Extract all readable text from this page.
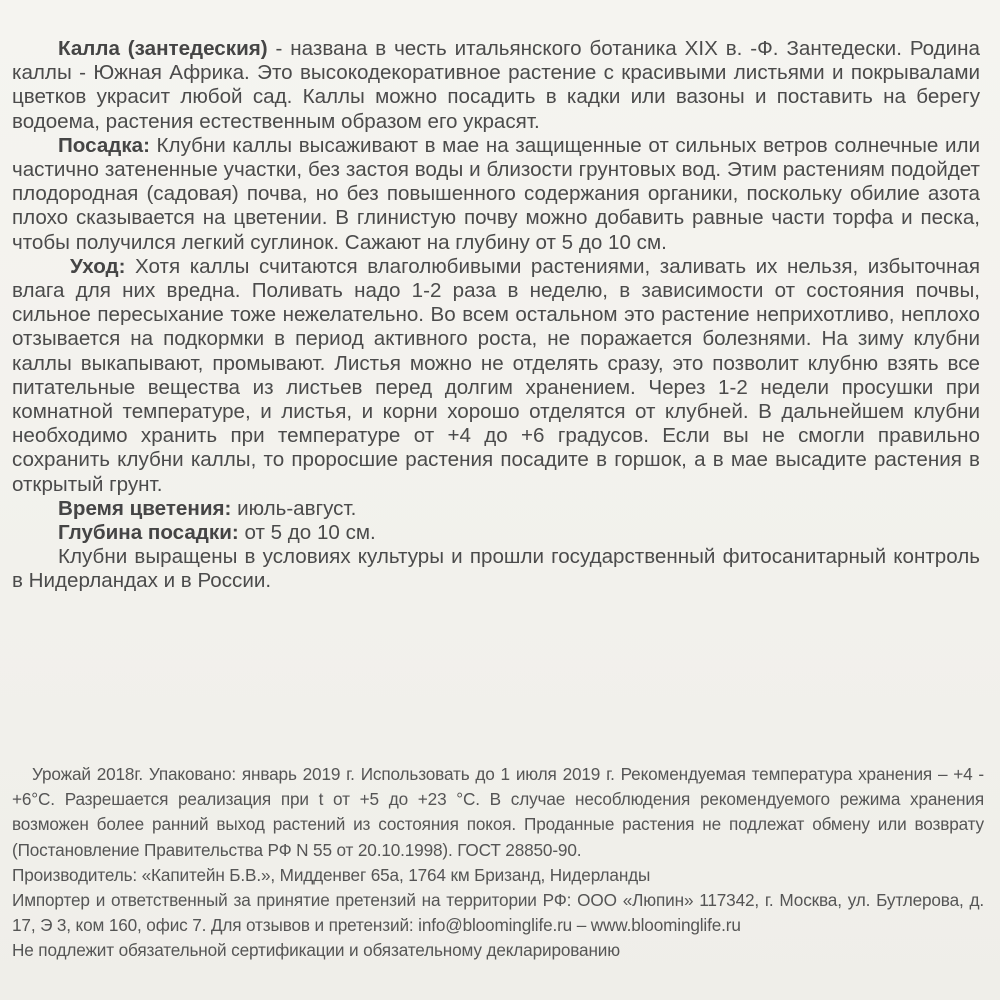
Калла (зантедеския) - названа в честь итальянского ботаника XIX в. -Ф. Зантедески. Родина каллы - Южная Африка. Это высокодекоративное растение с красивыми листьями и покрывалами цветков украсит любой сад. Каллы можно посадить в кадки или вазоны и поставить на берегу водоема, растения естественным образом его украсят.

Посадка: Клубни каллы высаживают в мае на защищенные от сильных ветров солнечные или частично затененные участки, без застоя воды и близости грунтовых вод. Этим растениям подойдет плодородная (садовая) почва, но без повышенного содержания органики, поскольку обилие азота плохо сказывается на цветении. В глинистую почву можно добавить равные части торфа и песка, чтобы получился легкий суглинок. Сажают на глубину от 5 до 10 см.

Уход: Хотя каллы считаются влаголюбивыми растениями, заливать их нельзя, избыточная влага для них вредна. Поливать надо 1-2 раза в неделю, в зависимости от состояния почвы, сильное пересыхание тоже нежелательно. Во всем остальном это растение неприхотливо, неплохо отзывается на подкормки в период активного роста, не поражается болезнями. На зиму клубни каллы выкапывают, промывают. Листья можно не отделять сразу, это позволит клубню взять все питательные вещества из листьев перед долгим хранением. Через 1-2 недели просушки при комнатной температуре, и листья, и корни хорошо отделятся от клубней. В дальнейшем клубни необходимо хранить при температуре от +4 до +6 градусов. Если вы не смогли правильно сохранить клубни каллы, то проросшие растения посадите в горшок, а в мае высадите растения в открытый грунт.

Время цветения: июль-август.

Глубина посадки: от 5 до 10 см.

Клубни выращены в условиях культуры и прошли государственный фитосанитарный контроль в Нидерландах и в России.

Урожай 2018г. Упаковано: январь 2019 г. Использовать до 1 июля 2019 г. Рекомендуемая температура хранения – +4 - +6°С. Разрешается реализация при t от +5 до +23 °С. В случае несоблюдения рекомендуемого режима хранения возможен более ранний выход растений из состояния покоя. Проданные растения не подлежат обмену или возврату (Постановление Правительства РФ N 55 от 20.10.1998). ГОСТ 28850-90.

Производитель: «Капитейн Б.В.», Мидденвег 65а, 1764 км Бризанд, Нидерланды

Импортер и ответственный за принятие претензий на территории РФ: ООО «Люпин» 117342, г. Москва, ул. Бутлерова, д. 17, Э 3, ком 160, офис 7. Для отзывов и претензий: info@bloominglife.ru – www.bloominglife.ru

Не подлежит обязательной сертификации и обязательному декларированию
